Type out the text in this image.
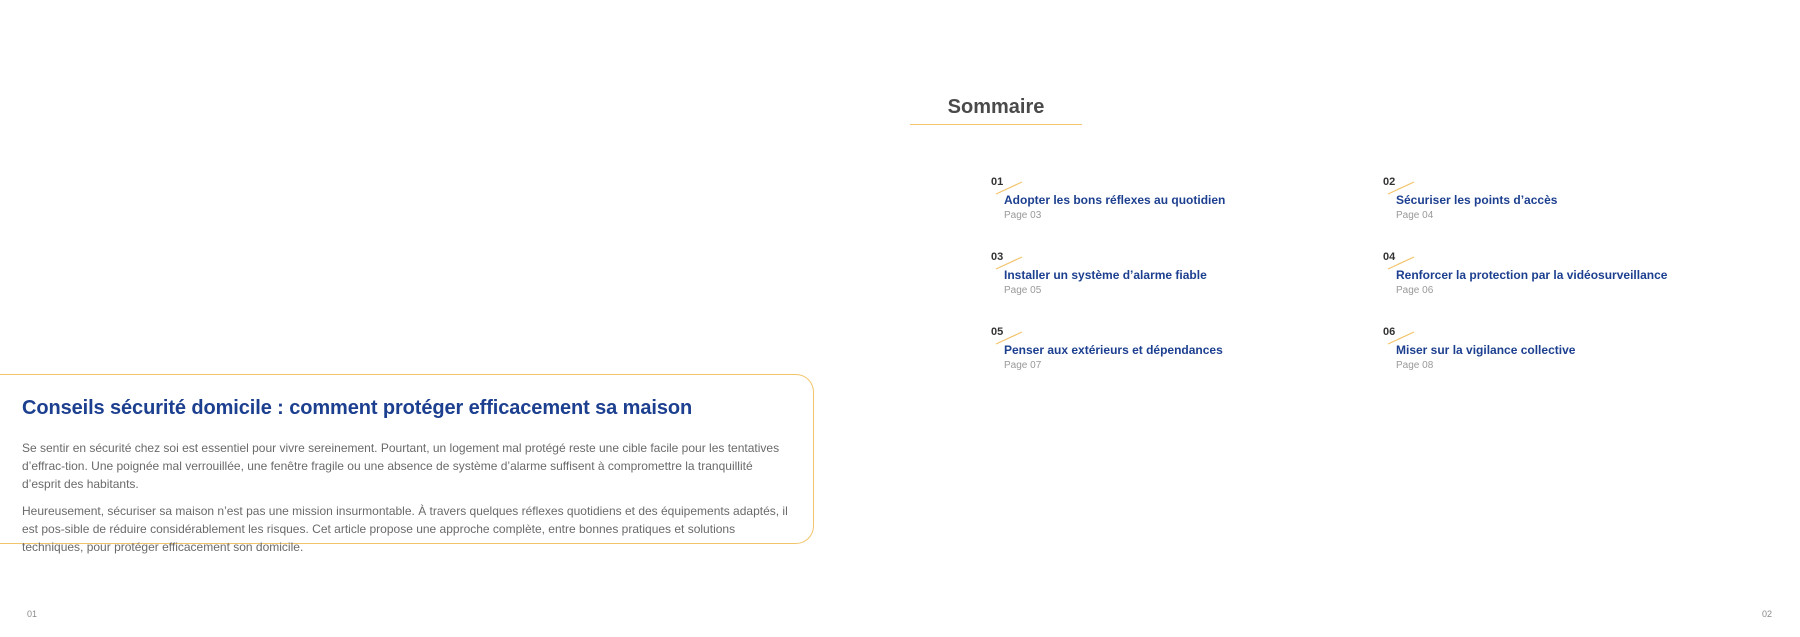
Conseils sécurité domicile : comment protéger efficacement sa maison

Se sentir en sécurité chez soi est essentiel pour vivre sereinement. Pourtant, un logement mal protégé reste une cible facile pour les tentatives d’effrac-tion. Une poignée mal verrouillée, une fenêtre fragile ou une absence de système d’alarme suffisent à compromettre la tranquillité d’esprit des habitants.

Heureusement, sécuriser sa maison n’est pas une mission insurmontable. À travers quelques réflexes quotidiens et des équipements adaptés, il est pos-sible de réduire considérablement les risques. Cet article propose une approche complète, entre bonnes pratiques et solutions techniques, pour protéger efficacement son domicile.

01
Sommaire
01
Adopter les bons réflexes au quotidien
Page 03
02
Sécuriser les points d’accès
Page 04
03
Installer un système d’alarme fiable
Page 05
04
Renforcer la protection par la vidéosurveillance
Page 06
05
Penser aux extérieurs et dépendances
Page 07
06
Miser sur la vigilance collective
Page 08
02
